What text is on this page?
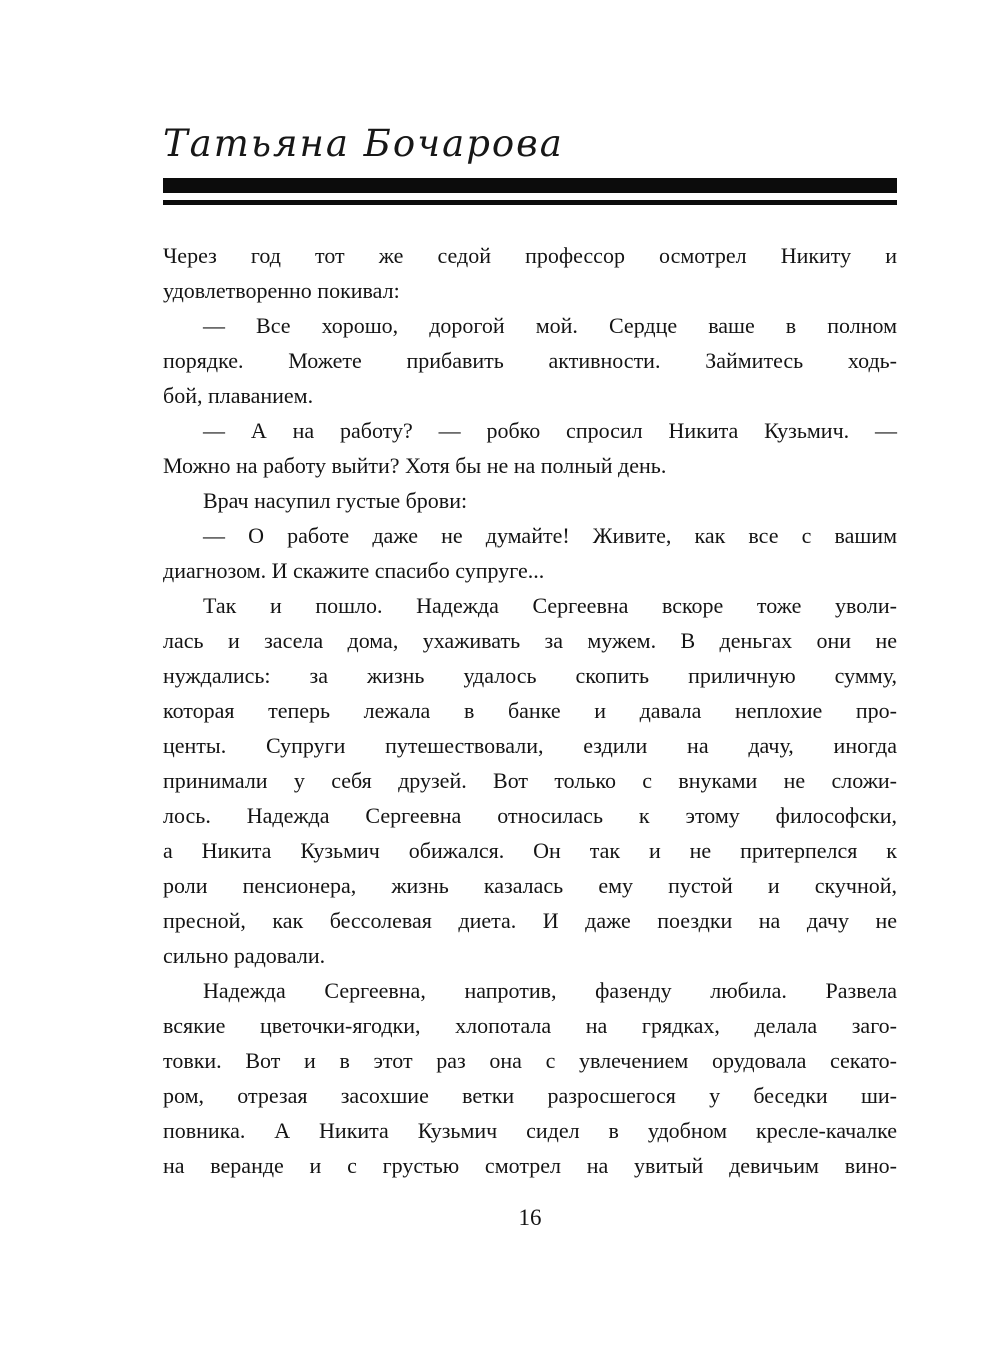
Татьяна Бочарова
Через год тот же седой профессор осмотрел Никиту и
удовлетворенно покивал:
— Все хорошо, дорогой мой. Сердце ваше в полном
порядке. Можете прибавить активности. Займитесь ходь-
бой, плаванием.
— А на работу? — робко спросил Никита Кузьмич. —
Можно на работу выйти? Хотя бы не на полный день.
Врач насупил густые брови:
— О работе даже не думайте! Живите, как все с вашим
диагнозом. И скажите спасибо супруге...
Так и пошло. Надежда Сергеевна вскоре тоже уволи-
лась и засела дома, ухаживать за мужем. В деньгах они не
нуждались: за жизнь удалось скопить приличную сумму,
которая теперь лежала в банке и давала неплохие про-
центы. Супруги путешествовали, ездили на дачу, иногда
принимали у себя друзей. Вот только с внуками не сложи-
лось. Надежда Сергеевна относилась к этому философски,
а Никита Кузьмич обижался. Он так и не притерпелся к
роли пенсионера, жизнь казалась ему пустой и скучной,
пресной, как бессолевая диета. И даже поездки на дачу не
сильно радовали.
Надежда Сергеевна, напротив, фазенду любила. Развела
всякие цветочки-ягодки, хлопотала на грядках, делала заго-
товки. Вот и в этот раз она с увлечением орудовала секато-
ром, отрезая засохшие ветки разросшегося у беседки ши-
повника. А Никита Кузьмич сидел в удобном кресле-качалке
на веранде и с грустью смотрел на увитый девичьим вино-
16
